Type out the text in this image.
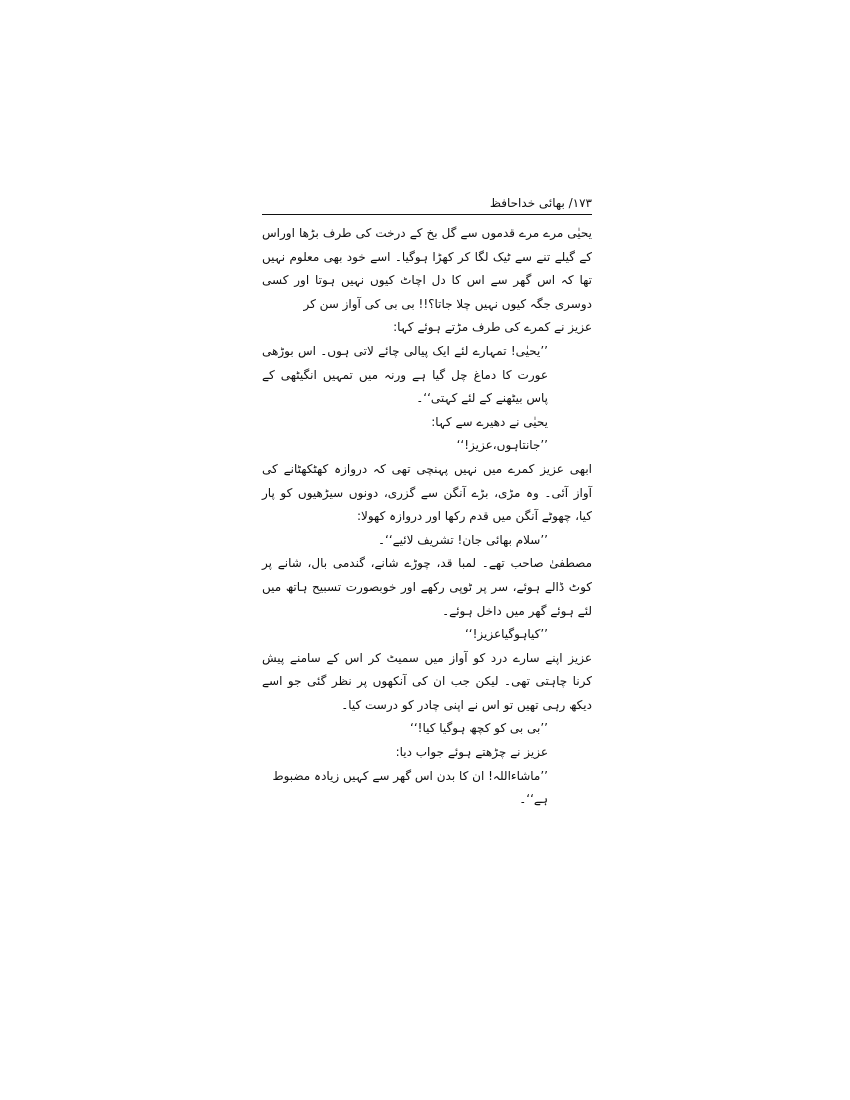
۱۷۳/ بھائی خداحافظ

یحیٰی مرے مرے قدموں سے گل بخ کے درخت کی طرف بڑھا اوراس کے گیلے تنے سے ٹیک لگا کر کھڑا ہوگیا۔ اسے خود بھی معلوم نہیں تھا کہ اس گھر سے اس کا دل اچاٹ کیوں نہیں ہوتا اور کسی دوسری جگہ کیوں نہیں چلا جاتا؟!! بی بی کی آواز سن کر

عزیز نے کمرے کی طرف مڑتے ہوئے کہا:

’’یحیٰی! تمہارے لئے ایک پیالی چائے لاتی ہوں۔ اس بوڑھی عورت کا دماغ چل گیا ہے ورنہ میں تمہیں انگیٹھی کے پاس بیٹھنے کے لئے کہتی‘‘۔

یحیٰی نے دھیرے سے کہا:

’’جانتاہوں،عزیز!‘‘

ابھی عزیز کمرے میں نہیں پہنچی تھی کہ دروازہ کھٹکھٹانے کی آواز آئی۔ وہ مڑی، بڑے آنگن سے گزری، دونوں سیڑھیوں کو پار کیا، چھوٹے آنگن میں قدم رکھا اور دروازہ کھولا:

’’سلام بھائی جان! تشریف لائیے‘‘۔

مصطفیٰ صاحب تھے۔ لمبا قد، چوڑے شانے، گندمی بال، شانے پر کوٹ ڈالے ہوئے، سر پر ٹوپی رکھے اور خوبصورت تسبیح ہاتھ میں لئے ہوئے گھر میں داخل ہوئے۔

’’کیاہوگیاعزیز!‘‘

عزیز اپنے سارے درد کو آواز میں سمیٹ کر اس کے سامنے پیش کرنا چاہتی تھی۔ لیکن جب ان کی آنکھوں پر نظر گئی جو اسے دیکھ رہی تھیں تو اس نے اپنی چادر کو درست کیا۔

’’بی بی کو کچھ ہوگیا کیا!‘‘

عزیز نے چڑھتے ہوئے جواب دیا:

’’ماشاءاللہ! ان کا بدن اس گھر سے کہیں زیادہ مضبوط ہے‘‘۔
